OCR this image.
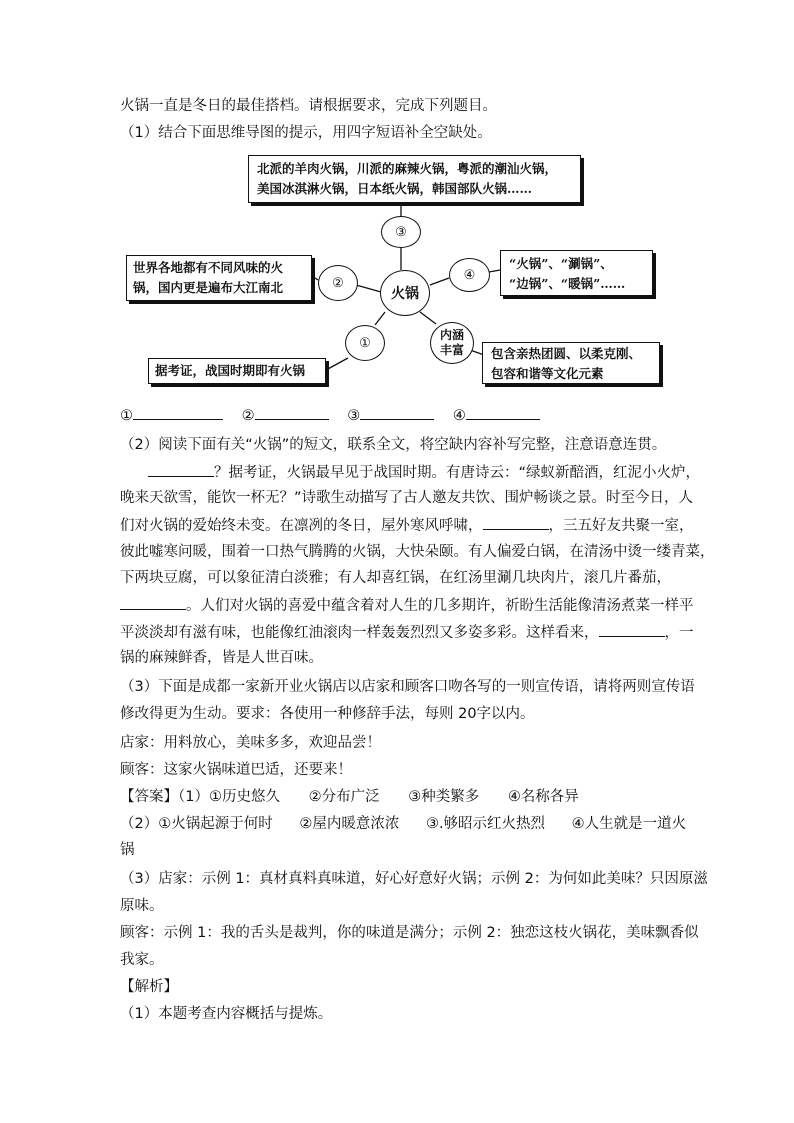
火锅一直是冬日的最佳搭档。请根据要求，完成下列题目。
（1）结合下面思维导图的提示，用四字短语补全空缺处。
北派的羊肉火锅，川派的麻辣火锅，粤派的潮汕火锅，
美国冰淇淋火锅，日本纸火锅，韩国部队火锅……
③
世界各地都有不同风味的火
锅，国内更是遍布大江南北	②
火锅
④
“火锅”、“涮锅”、
“边锅”、“暖锅”……
①
内涵
丰富
据考证，战国时期即有火锅
包含亲热团圆、以柔克刚、
包容和谐等文化元素
①	②	③	④
（2）阅读下面有关“火锅”的短文，联系全文，将空缺内容补写完整，注意语意连贯。
？据考证，火锅最早见于战国时期。有唐诗云：“绿蚁新醅酒，红泥小火炉，
晚来天欲雪，能饮一杯无？”诗歌生动描写了古人邀友共饮、围炉畅谈之景。时至今日，人
们对火锅的爱始终未变。在凛冽的冬日，屋外寒风呼啸，	，三五好友共聚一室，
彼此嘘寒问暖，围着一口热气腾腾的火锅，大快朵颐。有人偏爱白锅，在清汤中烫一缕青菜，
下两块豆腐，可以象征清白淡雅；有人却喜红锅，在红汤里涮几块肉片，滚几片番茄，
。人们对火锅的喜爱中蕴含着对人生的几多期许，祈盼生活能像清汤煮菜一样平
平淡淡却有滋有味，也能像红油滚肉一样轰轰烈烈又多姿多彩。这样看来，	，一
锅的麻辣鲜香，皆是人世百味。
（3）下面是成都一家新开业火锅店以店家和顾客口吻各写的一则宣传语，请将两则宣传语
修改得更为生动。要求：各使用一种修辞手法，每则 20字以内。
店家：用料放心，美味多多，欢迎品尝！
顾客：这家火锅味道巴适，还要来！
【答案】（1）①历史悠久 ②分布广泛 ③种类繁多 ④名称各异
（2）①火锅起源于何时 ②屋内暖意浓浓 ③.够昭示红火热烈 ④人生就是一道火
锅
（3）店家：示例 1：真材真料真味道，好心好意好火锅；示例 2：为何如此美味？只因原滋
原味。
顾客：示例 1：我的舌头是裁判，你的味道是满分；示例 2：独恋这枝火锅花，美味飘香似
我家。
【解析】
（1）本题考查内容概括与提炼。
